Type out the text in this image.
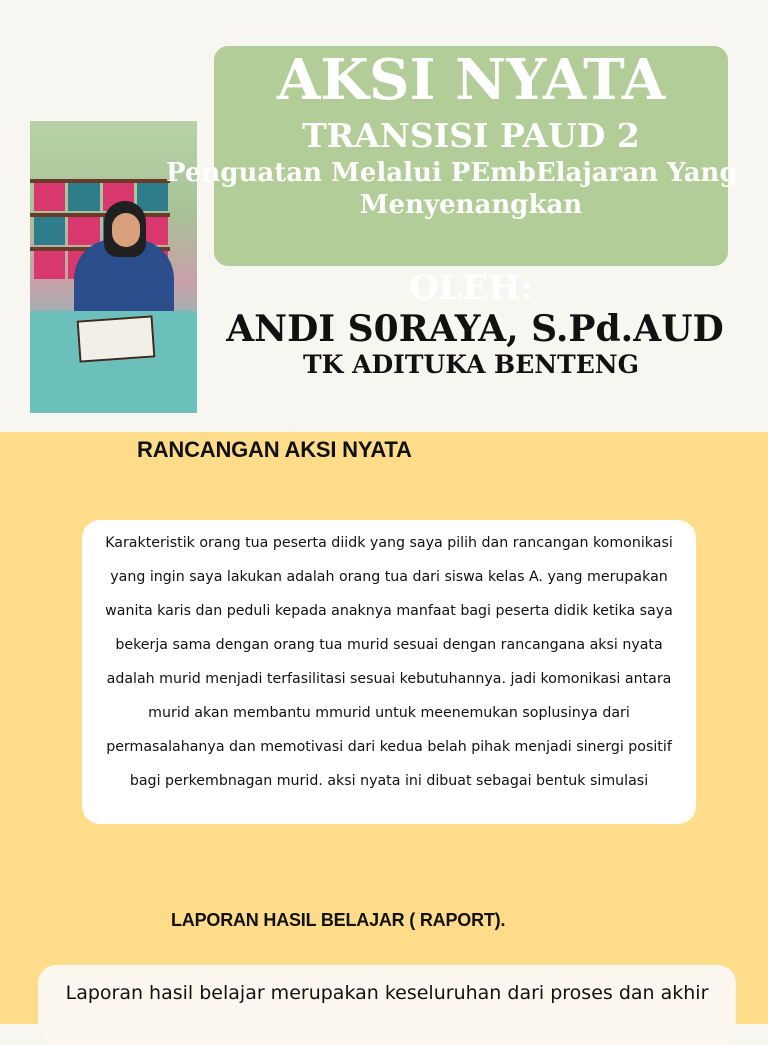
AKSI NYATA
TRANSISI PAUD 2
Penguatan Melalui PEmbElajaran Yang
Menyenangkan
OLEH:
ANDI S0RAYA, S.Pd.AUD
TK ADITUKA BENTENG
RANCANGAN AKSI NYATA

Karakteristik orang tua peserta diidk yang saya pilih dan rancangan komonikasi yang ingin saya lakukan adalah orang tua dari siswa kelas A. yang merupakan wanita karis dan peduli kepada anaknya manfaat bagi peserta didik ketika saya bekerja sama dengan orang tua murid sesuai dengan rancangana aksi nyata adalah murid menjadi terfasilitasi sesuai kebutuhannya. jadi komonikasi antara murid akan membantu mmurid untuk meenemukan soplusinya dari permasalahanya dan memotivasi dari kedua belah pihak menjadi sinergi positif bagi perkembnagan murid. aksi nyata ini dibuat sebagai bentuk simulasi

LAPORAN HASIL BELAJAR ( RAPORT).

Laporan hasil belajar merupakan keseluruhan dari proses dan akhir
